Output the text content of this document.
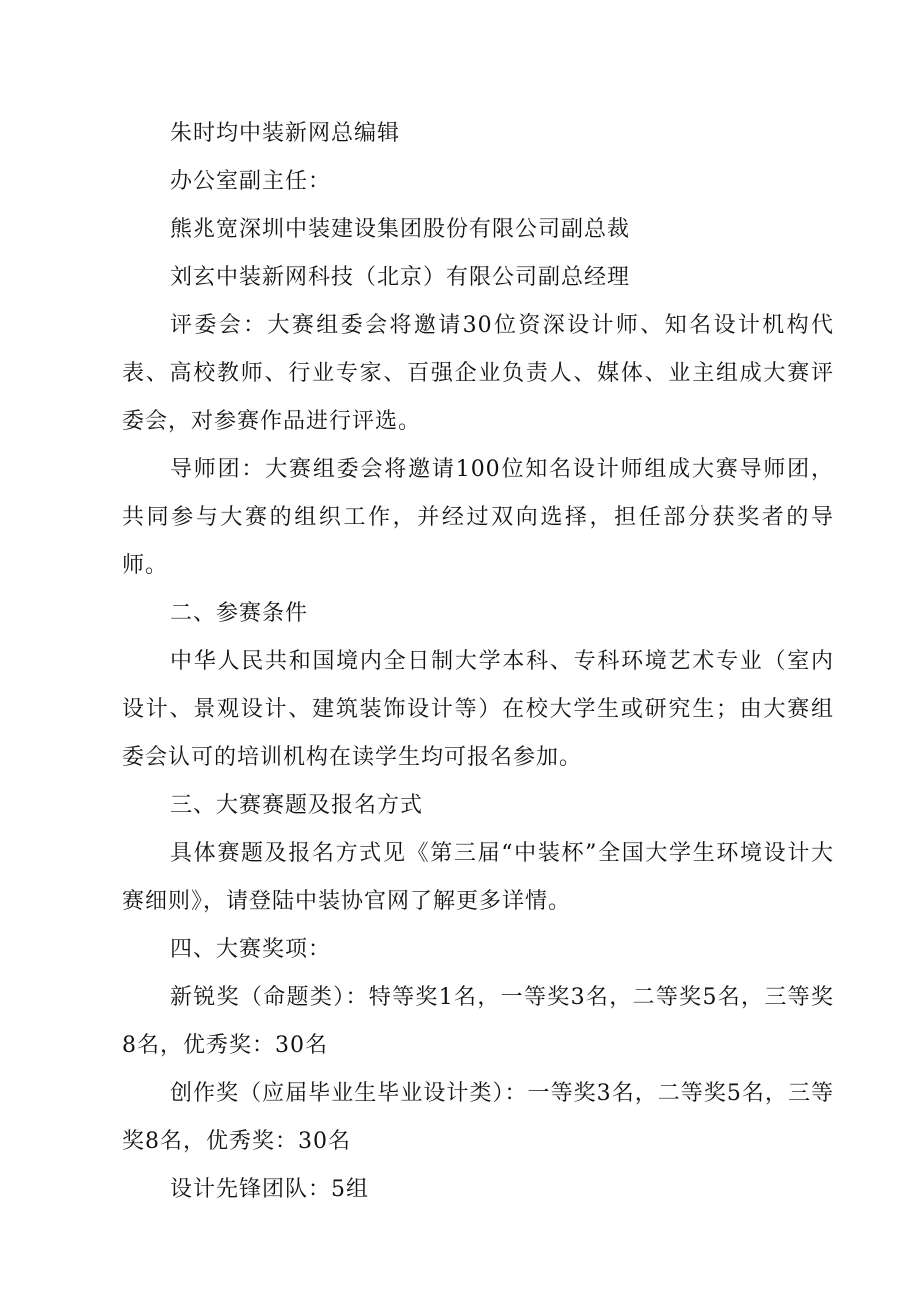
朱时均中装新网总编辑

办公室副主任：

熊兆宽深圳中装建设集团股份有限公司副总裁

刘玄中装新网科技（北京）有限公司副总经理

评委会：大赛组委会将邀请30位资深设计师、知名设计机构代表、高校教师、行业专家、百强企业负责人、媒体、业主组成大赛评委会，对参赛作品进行评选。

导师团：大赛组委会将邀请100位知名设计师组成大赛导师团，共同参与大赛的组织工作，并经过双向选择，担任部分获奖者的导师。

二、参赛条件

中华人民共和国境内全日制大学本科、专科环境艺术专业（室内设计、景观设计、建筑装饰设计等）在校大学生或研究生；由大赛组委会认可的培训机构在读学生均可报名参加。

三、大赛赛题及报名方式

具体赛题及报名方式见《第三届“中装杯”全国大学生环境设计大赛细则》，请登陆中装协官网了解更多详情。

四、大赛奖项：

新锐奖（命题类）：特等奖1名，一等奖3名，二等奖5名，三等奖8名，优秀奖：30名

创作奖（应届毕业生毕业设计类）：一等奖3名，二等奖5名，三等奖8名，优秀奖：30名

设计先锋团队：5组
